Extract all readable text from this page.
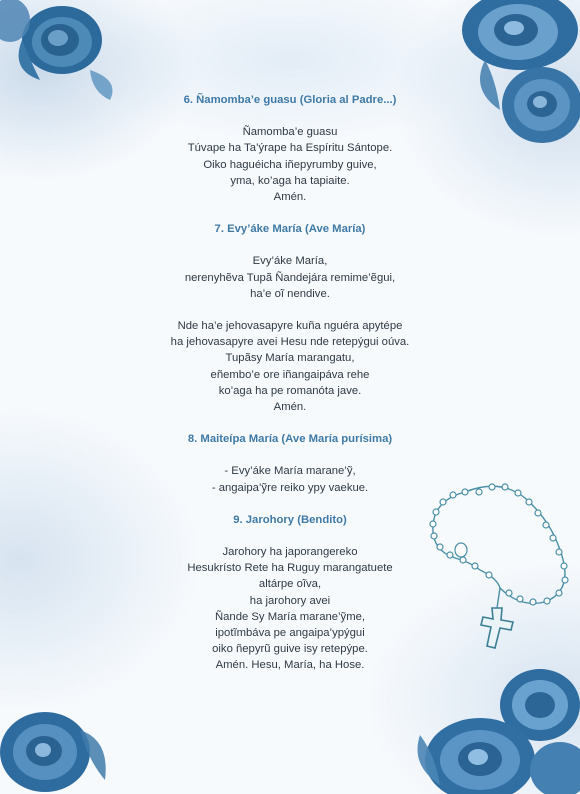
6. Ñamomba’e guasu (Gloria al Padre...)
Ñamomba’e guasu
Túvape ha Ta’ýrape ha Espíritu Sántope.
Oiko haguéicha iñepyrumby guive,
yma, ko’aga ha tapiaite.
Amén.
7. Evy’áke María (Ave María)
Evy’áke María,
nerenyhẽva Tupã Ñandejára remime’ẽgui,
ha’e oĩ nendive.
Nde ha’e jehovasapyre kuña nguéra apytépe
ha jehovasapyre avei Hesu nde retepýgui oúva.
Tupãsy María marangatu,
eñembo’e ore iñangaipáva rehe
ko’aga ha pe romanóta jave.
Amén.
8. Maiteípa María (Ave María purísima)
- Evy’áke María marane’ỹ,
- angaipa’ỹre reiko ypy vaekue.
9. Jarohory (Bendito)
Jarohory ha japorangereko
Hesukrísto Rete ha Ruguy marangatuete
altárpe oĩva,
ha jarohory avei
Ñande Sy María marane’ỹme,
ipotĩmbáva pe angaipa’ypýgui
oiko ñepyrũ guive isy retepýpe.
Amén. Hesu, María, ha Hose.
